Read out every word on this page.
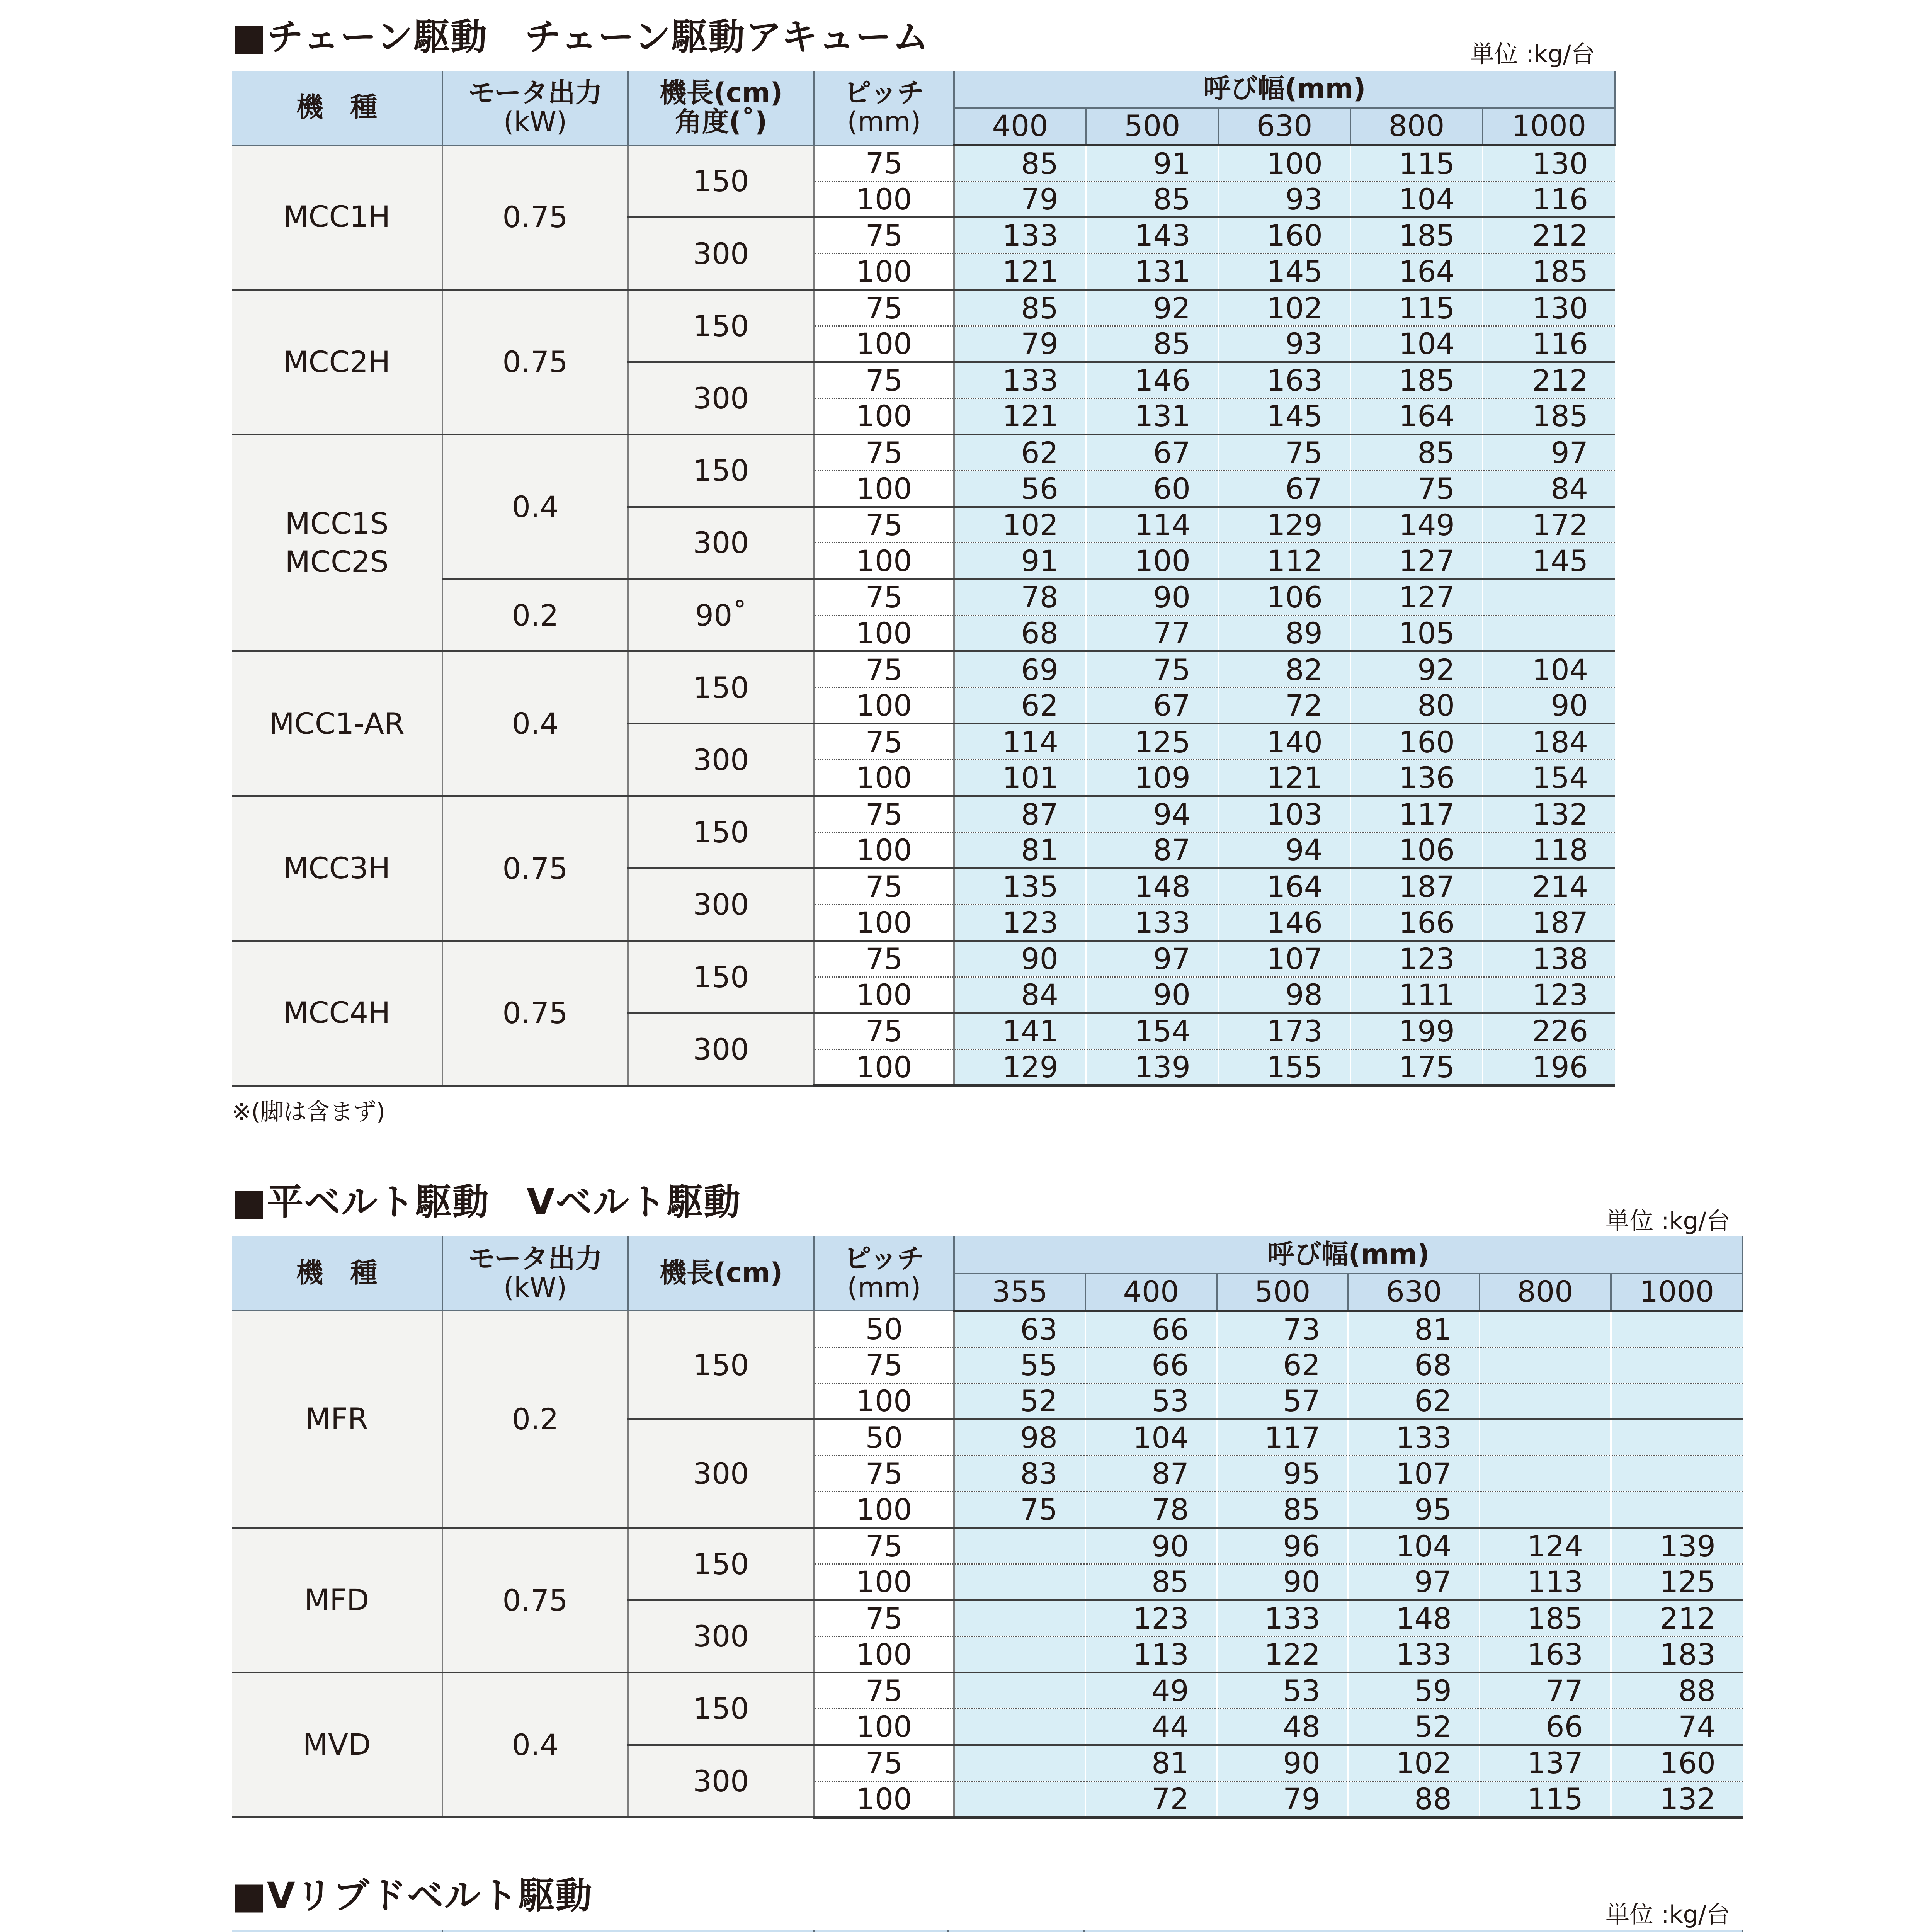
■チェーン駆動　チェーン駆動アキューム	単位 :kg/台
機　種	モータ出力
(kW)	機長(cm)
角度(˚)	ピッチ
(mm)	呼び幅(mm)				
				400	500	630	800	1000
MCC1H	0.75	150	75	85	91	100	115	130
			100	79	85	93	104	116
		300	75	133	143	160	185	212
			100	121	131	145	164	185
MCC2H	0.75	150	75	85	92	102	115	130
			100	79	85	93	104	116
		300	75	133	146	163	185	212
			100	121	131	145	164	185
MCC1S
MCC2S	0.4	150	75	62	67	75	85	97
			100	56	60	67	75	84
		300	75	102	114	129	149	172
			100	91	100	112	127	145
	0.2	90˚	75	78	90	106	127	
			100	68	77	89	105	
MCC1-AR	0.4	150	75	69	75	82	92	104
			100	62	67	72	80	90
		300	75	114	125	140	160	184
			100	101	109	121	136	154
MCC3H	0.75	150	75	87	94	103	117	132
			100	81	87	94	106	118
		300	75	135	148	164	187	214
			100	123	133	146	166	187
MCC4H	0.75	150	75	90	97	107	123	138
			100	84	90	98	111	123
		300	75	141	154	173	199	226
			100	129	139	155	175	196
※(脚は含まず)
■平ベルト駆動　Vベルト駆動	単位 :kg/台
機　種	モータ出力
(kW)	機長(cm)	ピッチ
(mm)	呼び幅(mm)					
				355	400	500	630	800	1000
MFR	0.2	150	50	63	66	73	81		
			75	55	66	62	68		
			100	52	53	57	62		
		300	50	98	104	117	133		
			75	83	87	95	107		
			100	75	78	85	95		
MFD	0.75	150	75		90	96	104	124	139
			100		85	90	97	113	125
		300	75		123	133	148	185	212
			100		113	122	133	163	183
MVD	0.4	150	75		49	53	59	77	88
			100		44	48	52	66	74
		300	75		81	90	102	137	160
			100		72	79	88	115	132
■Vリブドベルト駆動	単位 :kg/台
